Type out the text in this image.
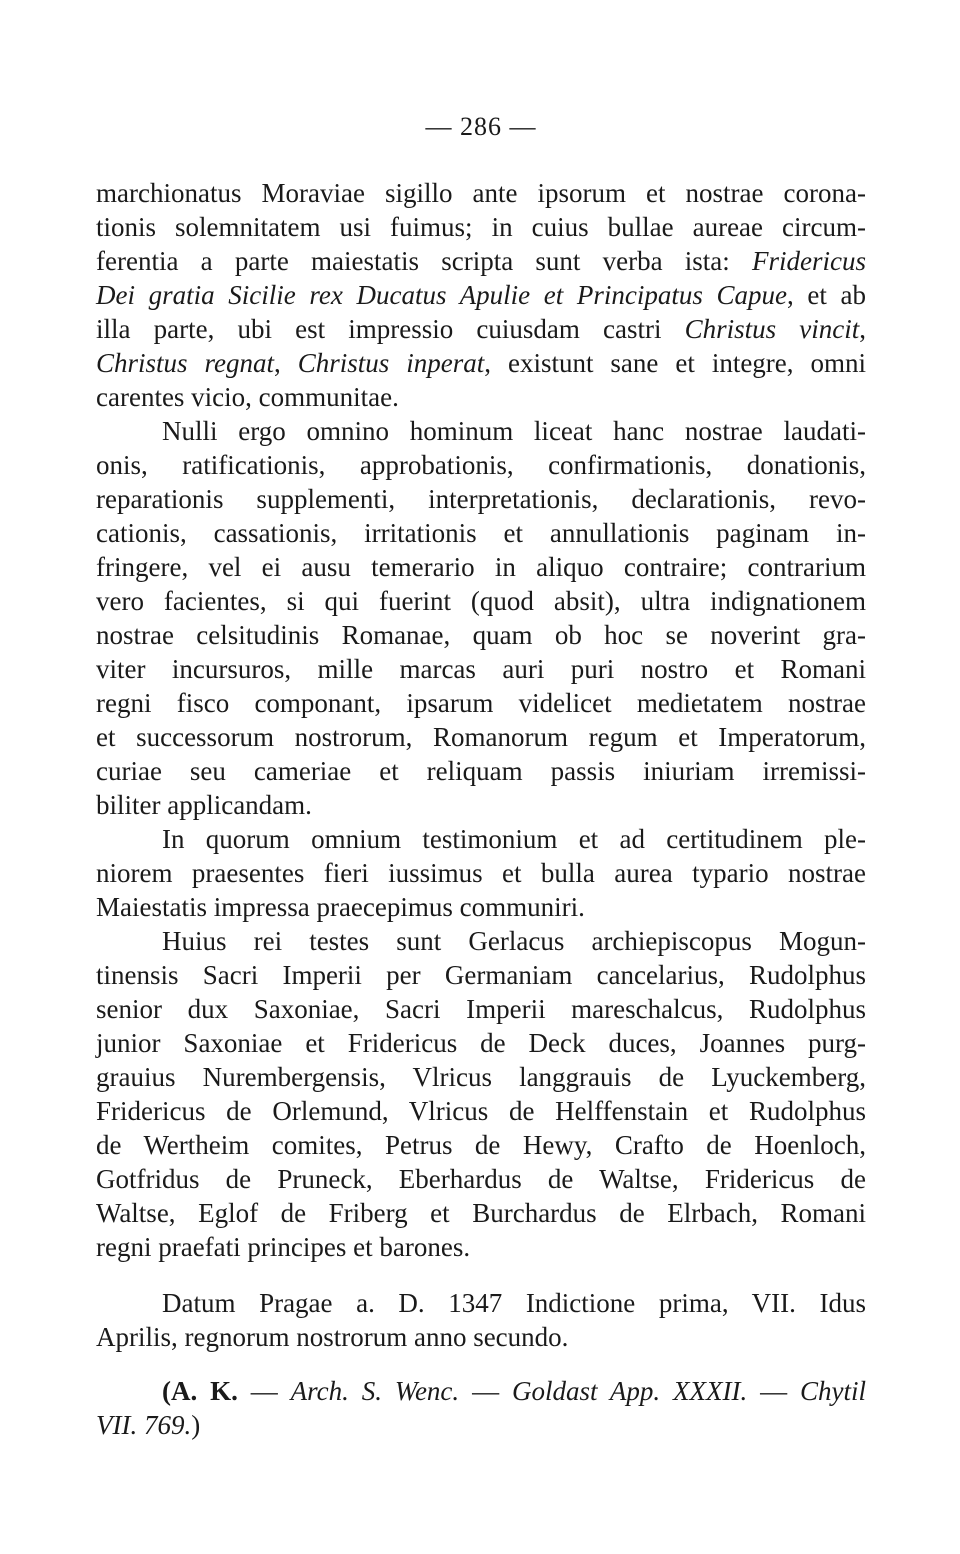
— 286 —
marchionatus Moraviae sigillo ante ipsorum et nostrae corona-
tionis solemnitatem usi fuimus; in cuius bullae aureae circum-
ferentia a parte maiestatis scripta sunt verba ista: Fridericus
Dei gratia Sicilie rex Ducatus Apulie et Principatus Capue, et ab
illa parte, ubi est impressio cuiusdam castri Christus vincit,
Christus regnat, Christus inperat, existunt sane et integre, omni
carentes vicio, communitae.
Nulli ergo omnino hominum liceat hanc nostrae laudati-
onis, ratificationis, approbationis, confirmationis, donationis,
reparationis supplementi, interpretationis, declarationis, revo-
cationis, cassationis, irritationis et annullationis paginam in-
fringere, vel ei ausu temerario in aliquo contraire; contrarium
vero facientes, si qui fuerint (quod absit), ultra indignationem
nostrae celsitudinis Romanae, quam ob hoc se noverint gra-
viter incursuros, mille marcas auri puri nostro et Romani
regni fisco componant, ipsarum videlicet medietatem nostrae
et successorum nostrorum, Romanorum regum et Imperatorum,
curiae seu cameriae et reliquam passis iniuriam irremissi-
biliter applicandam.
In quorum omnium testimonium et ad certitudinem ple-
niorem praesentes fieri iussimus et bulla aurea typario nostrae
Maiestatis impressa praecepimus communiri.
Huius rei testes sunt Gerlacus archiepiscopus Mogun-
tinensis Sacri Imperii per Germaniam cancelarius, Rudolphus
senior dux Saxoniae, Sacri Imperii mareschalcus, Rudolphus
junior Saxoniae et Fridericus de Deck duces, Joannes purg-
grauius Nurembergensis, Vlricus langgrauis de Lyuckemberg,
Fridericus de Orlemund, Vlricus de Helffenstain et Rudolphus
de Wertheim comites, Petrus de Hewy, Crafto de Hoenloch,
Gotfridus de Pruneck, Eberhardus de Waltse, Fridericus de
Waltse, Eglof de Friberg et Burchardus de Elrbach, Romani
regni praefati principes et barones.
Datum Pragae a. D. 1347 Indictione prima, VII. Idus
Aprilis, regnorum nostrorum anno secundo.
(A. K. — Arch. S. Wenc. — Goldast App. XXXII. — Chytil
VII. 769.)
